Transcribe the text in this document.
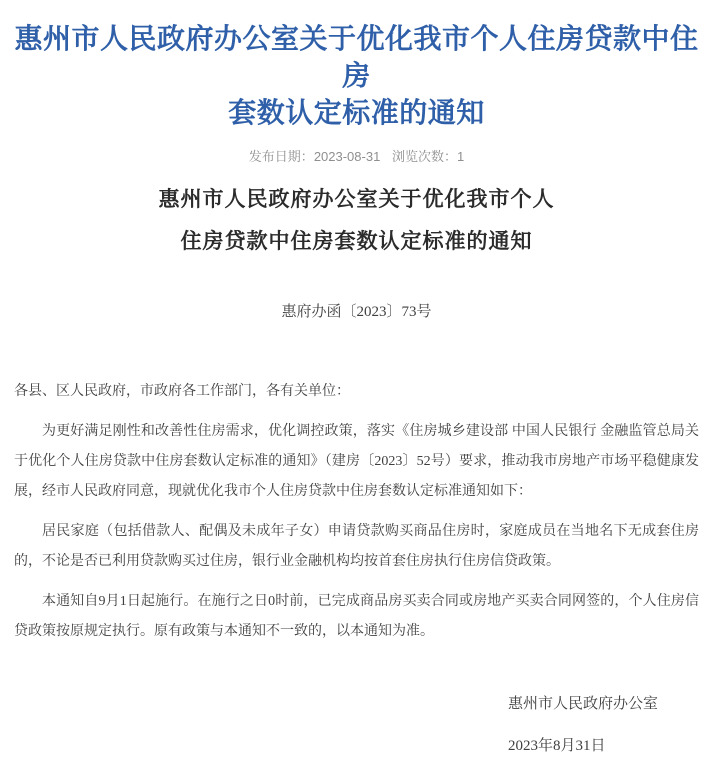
惠州市人民政府办公室关于优化我市个人住房贷款中住房
套数认定标准的通知
发布日期：2023-08-31 浏览次数：1
惠州市人民政府办公室关于优化我市个人
住房贷款中住房套数认定标准的通知
惠府办函〔2023〕73号

各县、区人民政府，市政府各工作部门，各有关单位：

为更好满足刚性和改善性住房需求，优化调控政策，落实《住房城乡建设部 中国人民银行 金融监管总局关于优化个人住房贷款中住房套数认定标准的通知》（建房〔2023〕52号）要求，推动我市房地产市场平稳健康发展，经市人民政府同意，现就优化我市个人住房贷款中住房套数认定标准通知如下：

居民家庭（包括借款人、配偶及未成年子女）申请贷款购买商品住房时，家庭成员在当地名下无成套住房的，不论是否已利用贷款购买过住房，银行业金融机构均按首套住房执行住房信贷政策。

本通知自9月1日起施行。在施行之日0时前，已完成商品房买卖合同或房地产买卖合同网签的，个人住房信贷政策按原规定执行。原有政策与本通知不一致的，以本通知为准。

惠州市人民政府办公室
2023年8月31日
